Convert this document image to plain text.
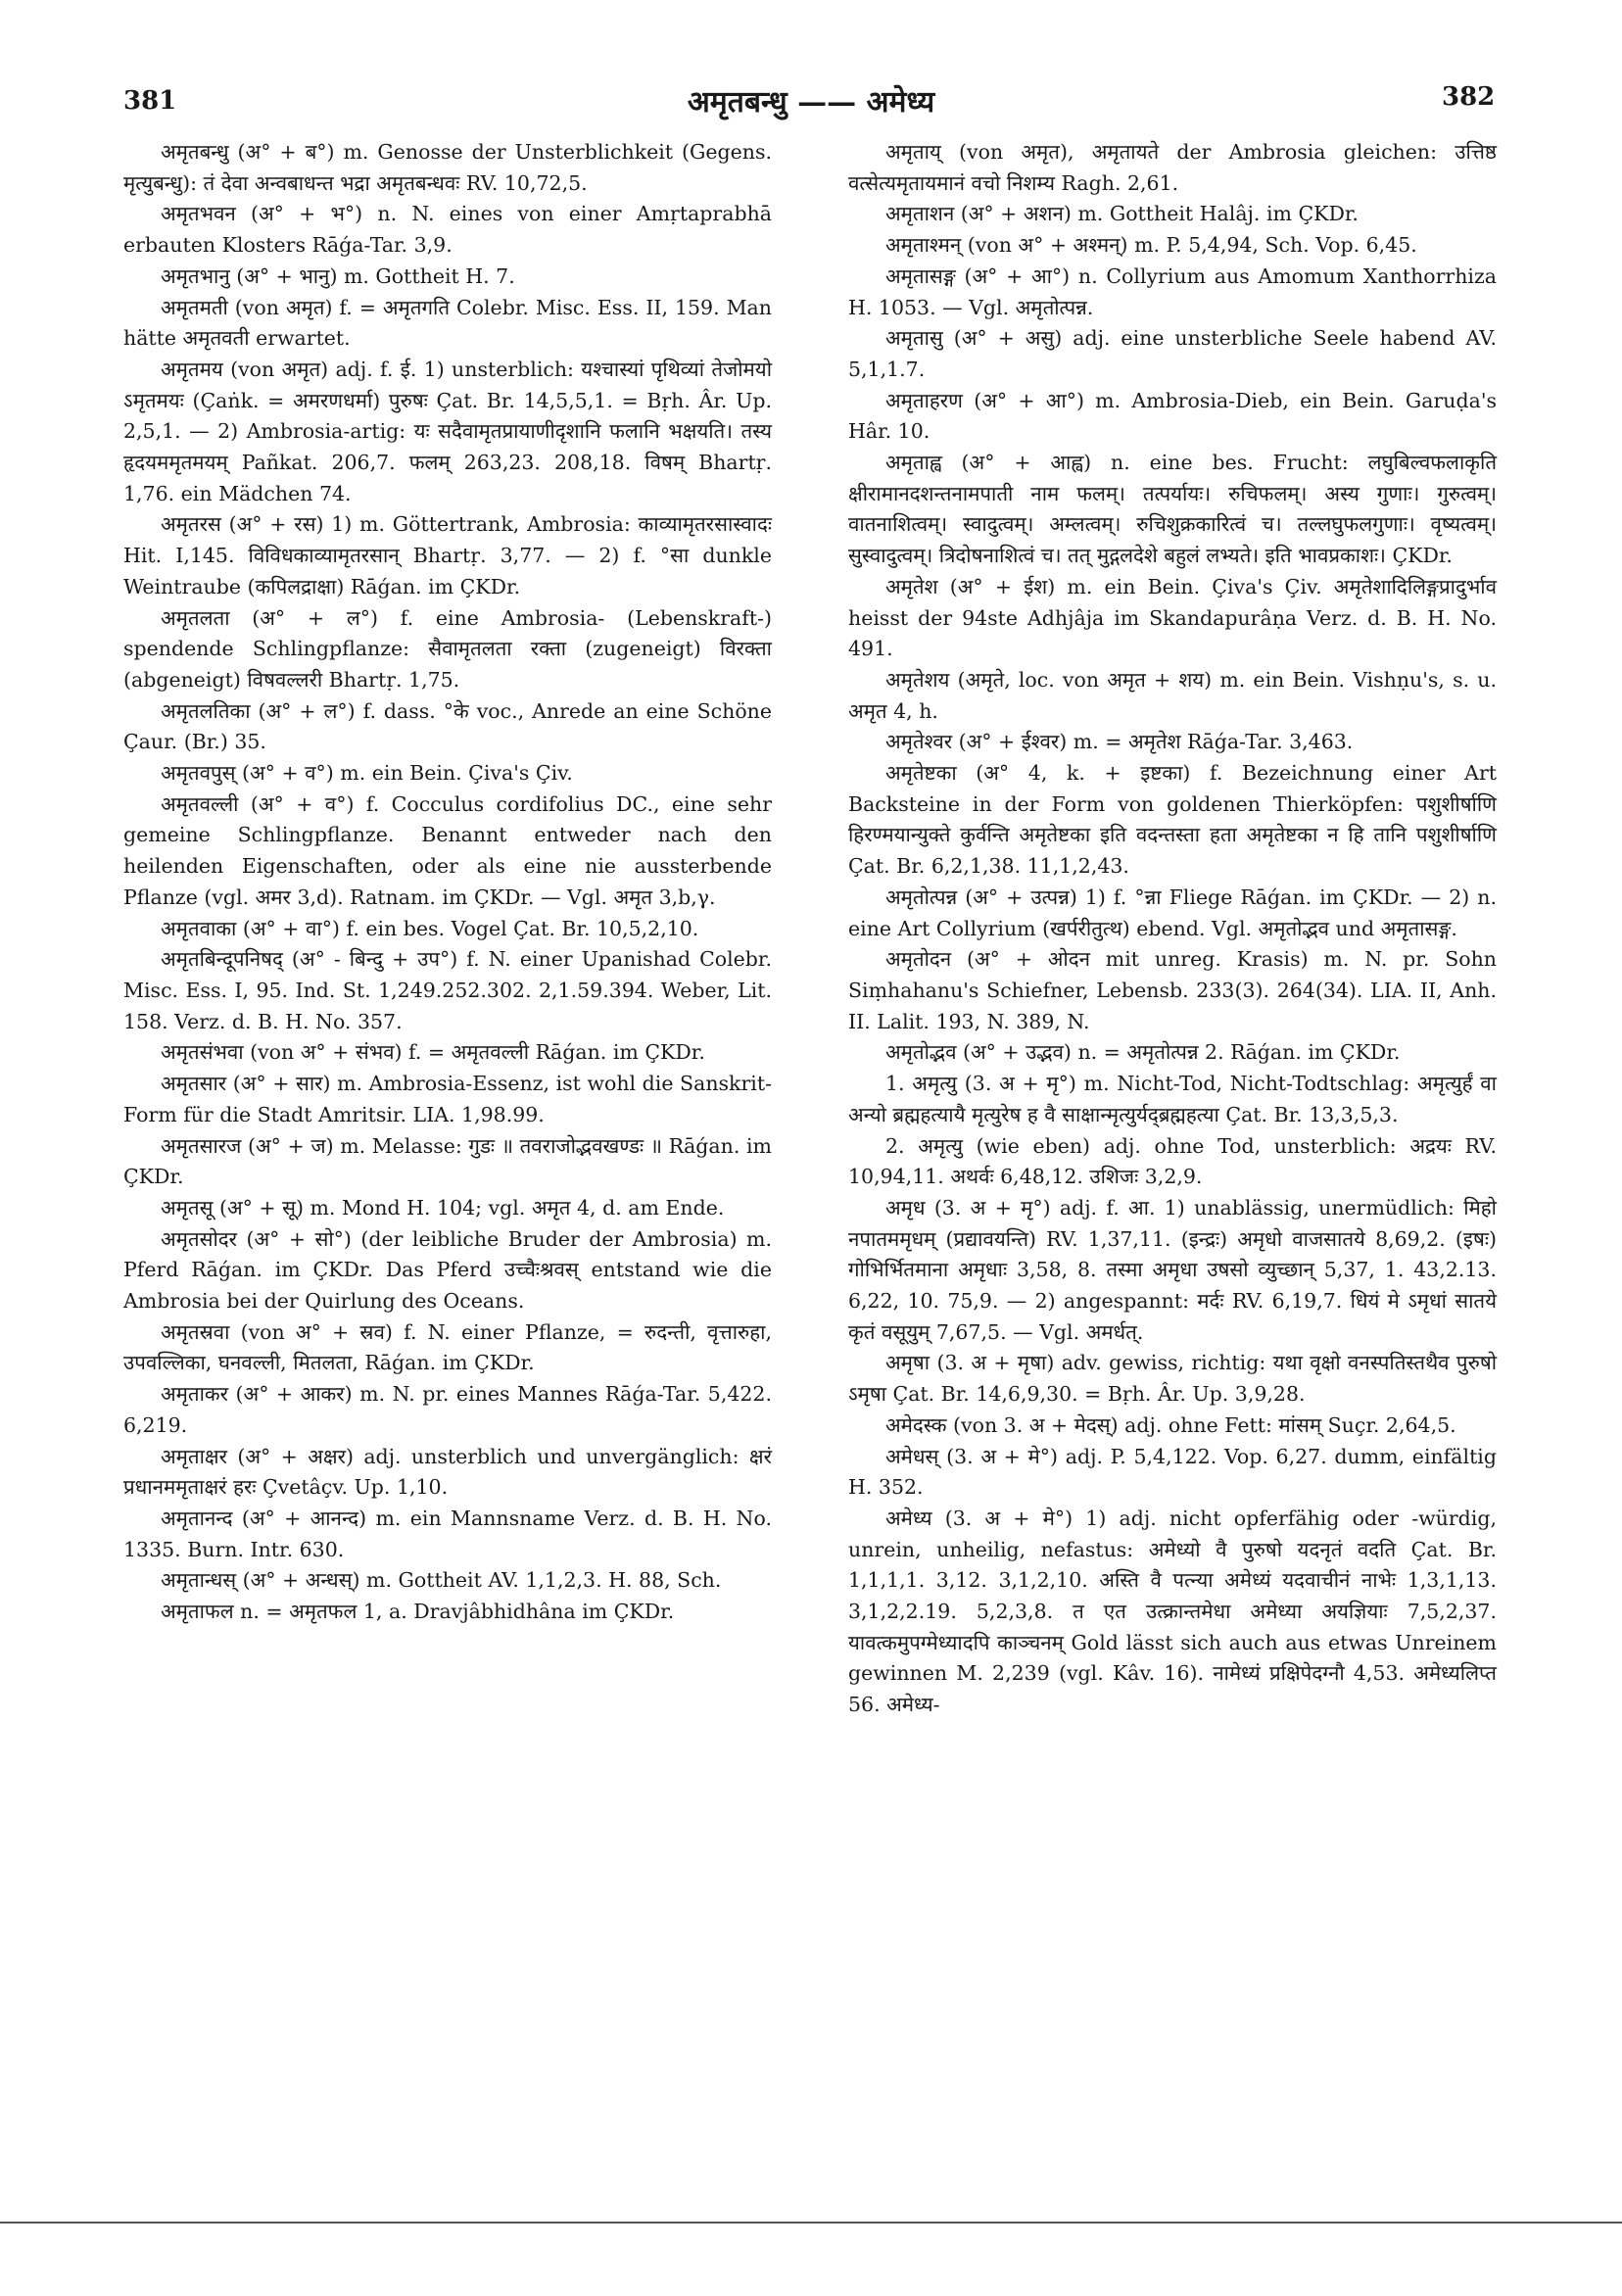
381	अमृतबन्धु —— अमेध्य	382

अमृतबन्धु (अ° + ब°) m. Genosse der Unsterblichkeit (Gegens. मृत्युबन्धु): तं देवा अन्वबाधन्त भद्रा अमृतबन्धवः RV. 10,72,5.

अमृतभवन (अ° + भ°) n. N. eines von einer Amṛtaprabhā erbauten Klosters Rāǵa-Tar. 3,9.

अमृतभानु (अ° + भानु) m. Gottheit H. 7.

अमृतमती (von अमृत) f. = अमृतगति Colebr. Misc. Ess. II, 159. Man hätte अमृतवती erwartet.

अमृतमय (von अमृत) adj. f. ई. 1) unsterblich: यश्चास्यां पृथिव्यां तेजोमयो ऽमृतमयः (Çaṅk. = अमरणधर्मा) पुरुषः Çat. Br. 14,5,5,1. = Bṛh. Âr. Up. 2,5,1. — 2) Ambrosia-artig: यः सदैवामृतप्रायाणीदृशानि फलानि भक्षयति। तस्य हृदयममृतमयम् Pañkat. 206,7. फलम् 263,23. 208,18. विषम् Bhartṛ. 1,76. ein Mädchen 74.

अमृतरस (अ° + रस) 1) m. Göttertrank, Ambrosia: काव्यामृतरसास्वादः Hit. I,145. विविधकाव्यामृतरसान् Bhartṛ. 3,77. — 2) f. °सा dunkle Weintraube (कपिलद्राक्षा) Rāǵan. im ÇKDr.

अमृतलता (अ° + ल°) f. eine Ambrosia- (Lebenskraft-) spendende Schlingpflanze: सैवामृतलता रक्ता (zugeneigt) विरक्ता (abgeneigt) विषवल्लरी Bhartṛ. 1,75.

अमृतलतिका (अ° + ल°) f. dass. °के voc., Anrede an eine Schöne Çaur. (Br.) 35.

अमृतवपुस् (अ° + व°) m. ein Bein. Çiva's Çiv.

अमृतवल्ली (अ° + व°) f. Cocculus cordifolius DC., eine sehr gemeine Schlingpflanze. Benannt entweder nach den heilenden Eigenschaften, oder als eine nie aussterbende Pflanze (vgl. अमर 3,d). Ratnam. im ÇKDr. — Vgl. अमृत 3,b,γ.

अमृतवाका (अ° + वा°) f. ein bes. Vogel Çat. Br. 10,5,2,10.

अमृतबिन्दूपनिषद् (अ° - बिन्दु + उप°) f. N. einer Upanishad Colebr. Misc. Ess. I, 95. Ind. St. 1,249.252.302. 2,1.59.394. Weber, Lit. 158. Verz. d. B. H. No. 357.

अमृतसंभवा (von अ° + संभव) f. = अमृतवल्ली Rāǵan. im ÇKDr.

अमृतसार (अ° + सार) m. Ambrosia-Essenz, ist wohl die Sanskrit-Form für die Stadt Amritsir. LIA. 1,98.99.

अमृतसारज (अ° + ज) m. Melasse: गुडः ॥ तवराजोद्भवखण्डः ॥ Rāǵan. im ÇKDr.

अमृतसू (अ° + सू) m. Mond H. 104; vgl. अमृत 4, d. am Ende.

अमृतसोदर (अ° + सो°) (der leibliche Bruder der Ambrosia) m. Pferd Rāǵan. im ÇKDr. Das Pferd उच्चैःश्रवस् entstand wie die Ambrosia bei der Quirlung des Oceans.

अमृतस्रवा (von अ° + स्रव) f. N. einer Pflanze, = रुदन्ती, वृत्तारुहा, उपवल्लिका, घनवल्ली, मितलता, Rāǵan. im ÇKDr.

अमृताकर (अ° + आकर) m. N. pr. eines Mannes Rāǵa-Tar. 5,422. 6,219.

अमृताक्षर (अ° + अक्षर) adj. unsterblich und unvergänglich: क्षरं प्रधानममृताक्षरं हरः Çvetâçv. Up. 1,10.

अमृतानन्द (अ° + आनन्द) m. ein Mannsname Verz. d. B. H. No. 1335. Burn. Intr. 630.

अमृतान्धस् (अ° + अन्धस्) m. Gottheit AV. 1,1,2,3. H. 88, Sch.

अमृताफल n. = अमृतफल 1, a. Dravjâbhidhâna im ÇKDr.

अमृताय् (von अमृत), अमृतायते der Ambrosia gleichen: उत्तिष्ठ वत्सेत्यमृतायमानं वचो निशम्य Ragh. 2,61.

अमृताशन (अ° + अशन) m. Gottheit Halâj. im ÇKDr.

अमृताश्मन् (von अ° + अश्मन्) m. P. 5,4,94, Sch. Vop. 6,45.

अमृतासङ्ग (अ° + आ°) n. Collyrium aus Amomum Xanthorrhiza H. 1053. — Vgl. अमृतोत्पन्न.

अमृतासु (अ° + असु) adj. eine unsterbliche Seele habend AV. 5,1,1.7.

अमृताहरण (अ° + आ°) m. Ambrosia-Dieb, ein Bein. Garuḍa's Hâr. 10.

अमृताह्व (अ° + आह्व) n. eine bes. Frucht: लघुबिल्वफलाकृति क्षीरामानदशन्तनामपाती नाम फलम्। तत्पर्यायः। रुचिफलम्। अस्य गुणाः। गुरुत्वम्। वातनाशित्वम्। स्वादुत्वम्। अम्लत्वम्। रुचिशुक्रकारित्वं च। तल्लघुफलगुणाः। वृष्यत्वम्। सुस्वादुत्वम्। त्रिदोषनाशित्वं च। तत् मुद्गलदेशे बहुलं लभ्यते। इति भावप्रकाशः। ÇKDr.

अमृतेश (अ° + ईश) m. ein Bein. Çiva's Çiv. अमृतेशादिलिङ्गप्रादुर्भाव heisst der 94ste Adhjâja im Skandapurâṇa Verz. d. B. H. No. 491.

अमृतेशय (अमृते, loc. von अमृत + शय) m. ein Bein. Vishṇu's, s. u. अमृत 4, h.

अमृतेश्वर (अ° + ईश्वर) m. = अमृतेश Rāǵa-Tar. 3,463.

अमृतेष्टका (अ° 4, k. + इष्टका) f. Bezeichnung einer Art Backsteine in der Form von goldenen Thierköpfen: पशुशीर्षाणि हिरण्मयान्युक्ते कुर्वन्ति अमृतेष्टका इति वदन्तस्ता हता अमृतेष्टका न हि तानि पशुशीर्षाणि Çat. Br. 6,2,1,38. 11,1,2,43.

अमृतोत्पन्न (अ° + उत्पन्न) 1) f. °न्ना Fliege Rāǵan. im ÇKDr. — 2) n. eine Art Collyrium (खर्परीतुत्थ) ebend. Vgl. अमृतोद्भव und अमृतासङ्ग.

अमृतोदन (अ° + ओदन mit unreg. Krasis) m. N. pr. Sohn Siṃhahanu's Schiefner, Lebensb. 233(3). 264(34). LIA. II, Anh. II. Lalit. 193, N. 389, N.

अमृतोद्भव (अ° + उद्भव) n. = अमृतोत्पन्न 2. Rāǵan. im ÇKDr.

1. अमृत्यु (3. अ + मृ°) m. Nicht-Tod, Nicht-Todtschlag: अमृत्युर्हं वा अन्यो ब्रह्महत्यायै मृत्युरेष ह वै साक्षान्मृत्युर्यद्ब्रह्महत्या Çat. Br. 13,3,5,3.

2. अमृत्यु (wie eben) adj. ohne Tod, unsterblich: अद्रयः RV. 10,94,11. अथर्वः 6,48,12. उशिजः 3,2,9.

अमृध (3. अ + मृ°) adj. f. आ. 1) unablässig, unermüdlich: मिहो नपातममृधम् (प्रद्यावयन्ति) RV. 1,37,11. (इन्द्रः) अमृधो वाजसातये 8,69,2. (इषः) गोभिर्भितमाना अमृधाः 3,58, 8. तस्मा अमृधा उषसो व्युच्छान् 5,37, 1. 43,2.13. 6,22, 10. 75,9. — 2) angespannt: मर्दः RV. 6,19,7. धियं मे ऽमृधां सातये कृतं वसूयुम् 7,67,5. — Vgl. अमर्धत्.

अमृषा (3. अ + मृषा) adv. gewiss, richtig: यथा वृक्षो वनस्पतिस्तथैव पुरुषो ऽमृषा Çat. Br. 14,6,9,30. = Bṛh. Âr. Up. 3,9,28.

अमेदस्क (von 3. अ + मेदस्) adj. ohne Fett: मांसम् Suçr. 2,64,5.

अमेधस् (3. अ + मे°) adj. P. 5,4,122. Vop. 6,27. dumm, einfältig H. 352.

अमेध्य (3. अ + मे°) 1) adj. nicht opferfähig oder -würdig, unrein, unheilig, nefastus: अमेध्यो वै पुरुषो यदनृतं वदति Çat. Br. 1,1,1,1. 3,12. 3,1,2,10. अस्ति वै पत्न्या अमेध्यं यदवाचीनं नाभेः 1,3,1,13. 3,1,2,2.19. 5,2,3,8. त एत उत्क्रान्तमेधा अमेध्या अयज्ञियाः 7,5,2,37. यावत्कमुपग्मेध्यादपि काञ्चनम् Gold lässt sich auch aus etwas Unreinem gewinnen M. 2,239 (vgl. Kâv. 16). नामेध्यं प्रक्षिपेदग्नौ 4,53. अमेध्यलिप्त 56. अमेध्य-
